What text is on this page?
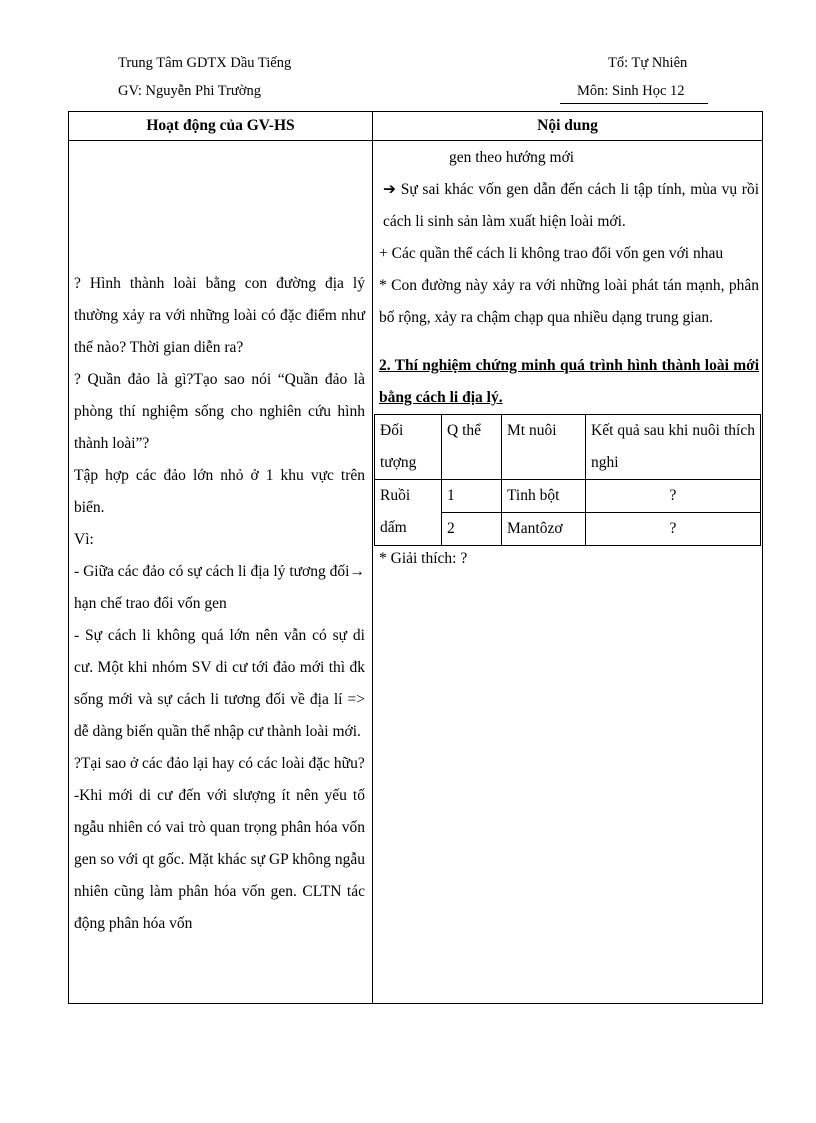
Trung Tâm GDTX Dầu Tiếng	Tổ: Tự Nhiên
GV: Nguyễn Phi Trường	Môn: Sinh Học 12
Hoạt động của GV-HS	Nội dung

? Hình thành loài bằng con đường địa lý thường xảy ra với những loài có đặc điểm như thế nào? Thời gian diễn ra?

? Quần đảo là gì?Tạo sao nói “Quần đảo là phòng thí nghiệm sống cho nghiên cứu hình thành loài”?

Tập hợp các đảo lớn nhỏ ở 1 khu vực trên biển.

Vì:

- Giữa các đảo có sự cách li địa lý tương đối→ hạn chế trao đổi vốn gen

- Sự cách li không quá lớn nên vẫn có sự di cư. Một khi nhóm SV di cư tới đảo mới thì đk sống mới và sự cách li tương đối về địa lí => dễ dàng biến quần thể nhập cư thành loài mới.

?Tại sao ở các đảo lại hay có các loài đặc hữu?

-Khi mới di cư đến với slượng ít nên yếu tố ngẫu nhiên có vai trò quan trọng phân hóa vốn gen so với qt gốc. Mặt khác sự GP không ngẫu nhiên cũng làm phân hóa vốn gen. CLTN tác động phân hóa vốn

gen theo hướng mới

➔ Sự sai khác vốn gen dẫn đến cách li tập tính, mùa vụ rồi cách li sinh sản làm xuất hiện loài mới.

+ Các quần thể cách li không trao đổi vốn gen với nhau

* Con đường này xảy ra với những loài phát tán mạnh, phân bố rộng, xảy ra chậm chạp qua nhiều dạng trung gian.

2. Thí nghiệm chứng minh quá trình hình thành loài mới bằng cách li địa lý.

Đối tượng	Q thể	Mt nuôi	Kết quả sau khi nuôi thích nghi
Ruồi dấm	1	Tinh bột	?
	2	Mantôzơ	?

* Giải thích: ?
